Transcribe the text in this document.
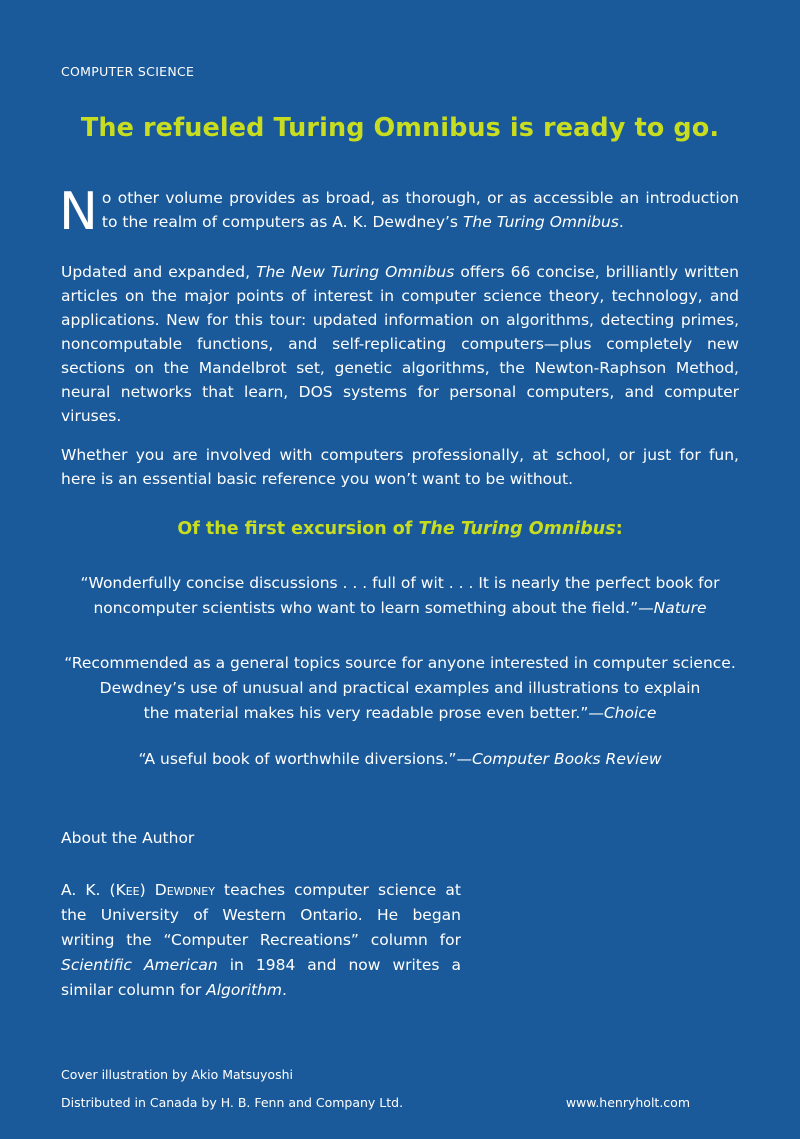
COMPUTER SCIENCE
The refueled Turing Omnibus is ready to go.
No other volume provides as broad, as thorough, or as accessible an introduction to the realm of computers as A. K. Dewdney’s The Turing Omnibus.
Updated and expanded, The New Turing Omnibus offers 66 concise, brilliantly written articles on the major points of interest in computer science theory, technology, and applications. New for this tour: updated information on algorithms, detecting primes, noncomputable functions, and self-replicating computers—plus completely new sections on the Mandelbrot set, genetic algorithms, the Newton-Raphson Method, neural networks that learn, DOS systems for personal computers, and computer viruses.
Whether you are involved with computers professionally, at school, or just for fun, here is an essential basic reference you won’t want to be without.
Of the first excursion of The Turing Omnibus:
“Wonderfully concise discussions . . . full of wit . . . It is nearly the perfect book for
noncomputer scientists who want to learn something about the field.”—Nature
“Recommended as a general topics source for anyone interested in computer science.
Dewdney’s use of unusual and practical examples and illustrations to explain
the material makes his very readable prose even better.”—Choice
“A useful book of worthwhile diversions.”—Computer Books Review
About the Author
A. K. (Kee) Dewdney teaches computer science at the University of Western Ontario. He began writing the “Computer Recreations” column for Scientific American in 1984 and now writes a similar column for Algorithm.
Cover illustration by Akio Matsuyoshi
Distributed in Canada by H. B. Fenn and Company Ltd.	www.henryholt.com
